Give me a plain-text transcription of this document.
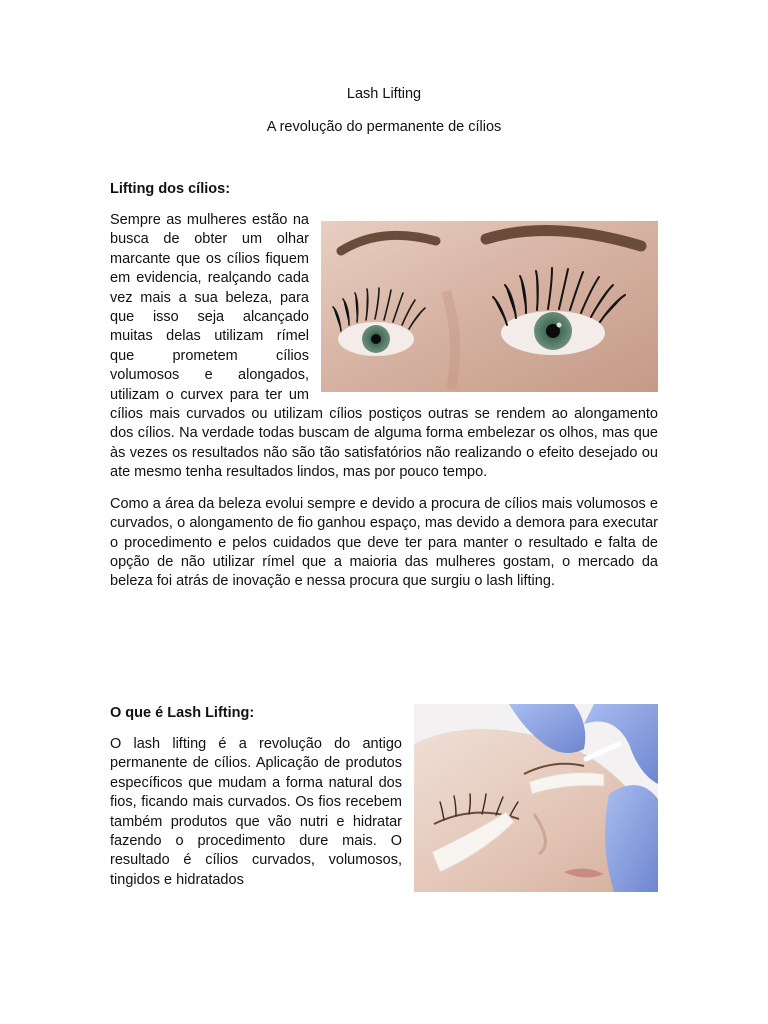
Lash Lifting
A revolução do permanente de cílios
Lifting dos cílios:

Sempre as mulheres estão na busca de obter um olhar marcante que os cílios fiquem em evidencia, realçando cada vez mais a sua beleza, para que isso seja alcançado muitas delas utilizam rímel que prometem cílios volumosos e alongados, utilizam o curvex para ter um cílios mais curvados ou utilizam cílios postiços outras se rendem ao alongamento dos cílios. Na verdade todas buscam de alguma forma embelezar os olhos, mas que às vezes os resultados não são tão satisfatórios não realizando o efeito desejado ou ate mesmo tenha resultados lindos, mas por pouco tempo.

Como a área da beleza evolui sempre e devido a procura de cílios mais volumosos e curvados, o alongamento de fio ganhou espaço, mas devido a demora para executar o procedimento e pelos cuidados que deve ter para manter o resultado e falta de opção de não utilizar rímel que a maioria das mulheres gostam, o mercado da beleza foi atrás de inovação e nessa procura que surgiu o lash lifting.

O que é Lash Lifting:

O lash lifting é a revolução do antigo permanente de cílios. Aplicação de produtos específicos que mudam a forma natural dos fios, ficando mais curvados. Os fios recebem também produtos que vão nutri e hidratar fazendo o procedimento dure mais. O resultado é cílios curvados, volumosos, tingidos e hidratados
